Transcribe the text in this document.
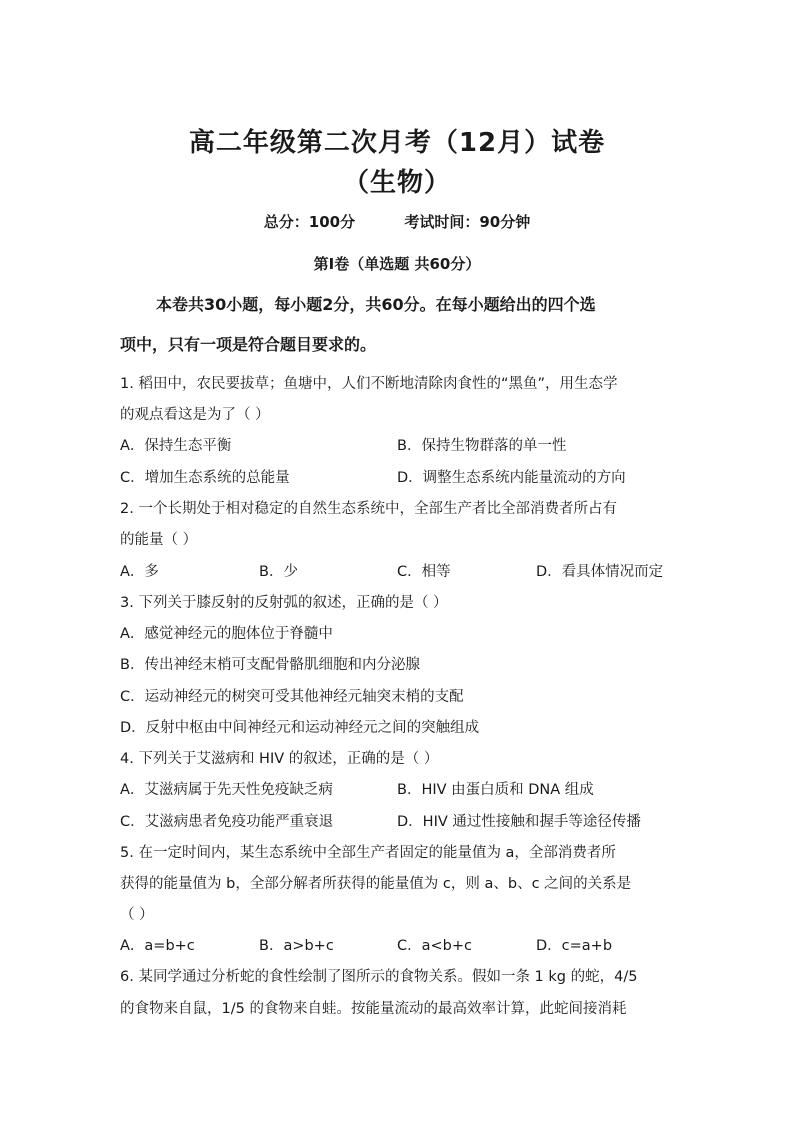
高二年级第二次月考（12月）试卷
（生物）
总分：100分	考试时间：90分钟
第Ⅰ卷（单选题 共60分）
本卷共30小题，每小题2分，共60分。在每小题给出的四个选
项中，只有一项是符合题目要求的。
1. 稻田中，农民要拔草；鱼塘中，人们不断地清除肉食性的“黑鱼”，用生态学
的观点看这是为了（ ）
A．保持生态平衡	B．保持生物群落的单一性
C．增加生态系统的总能量	D．调整生态系统内能量流动的方向
2. 一个长期处于相对稳定的自然生态系统中，全部生产者比全部消费者所占有
的能量（ ）
A．多	B．少	C．相等	D．看具体情况而定
3. 下列关于膝反射的反射弧的叙述，正确的是（ ）
A．感觉神经元的胞体位于脊髓中
B．传出神经末梢可支配骨骼肌细胞和内分泌腺
C．运动神经元的树突可受其他神经元轴突末梢的支配
D．反射中枢由中间神经元和运动神经元之间的突触组成
4. 下列关于艾滋病和 HIV 的叙述，正确的是（ ）
A．艾滋病属于先天性免疫缺乏病	B．HIV 由蛋白质和 DNA 组成
C．艾滋病患者免疫功能严重衰退	D．HIV 通过性接触和握手等途径传播
5. 在一定时间内，某生态系统中全部生产者固定的能量值为 a，全部消费者所
获得的能量值为 b，全部分解者所获得的能量值为 c，则 a、b、c 之间的关系是
（ ）
A．a=b+c	B．a>b+c	C．a<b+c	D．c=a+b
6. 某同学通过分析蛇的食性绘制了图所示的食物关系。假如一条 1 kg 的蛇，4/5
的食物来自鼠，1/5 的食物来自蛙。按能量流动的最高效率计算，此蛇间接消耗
